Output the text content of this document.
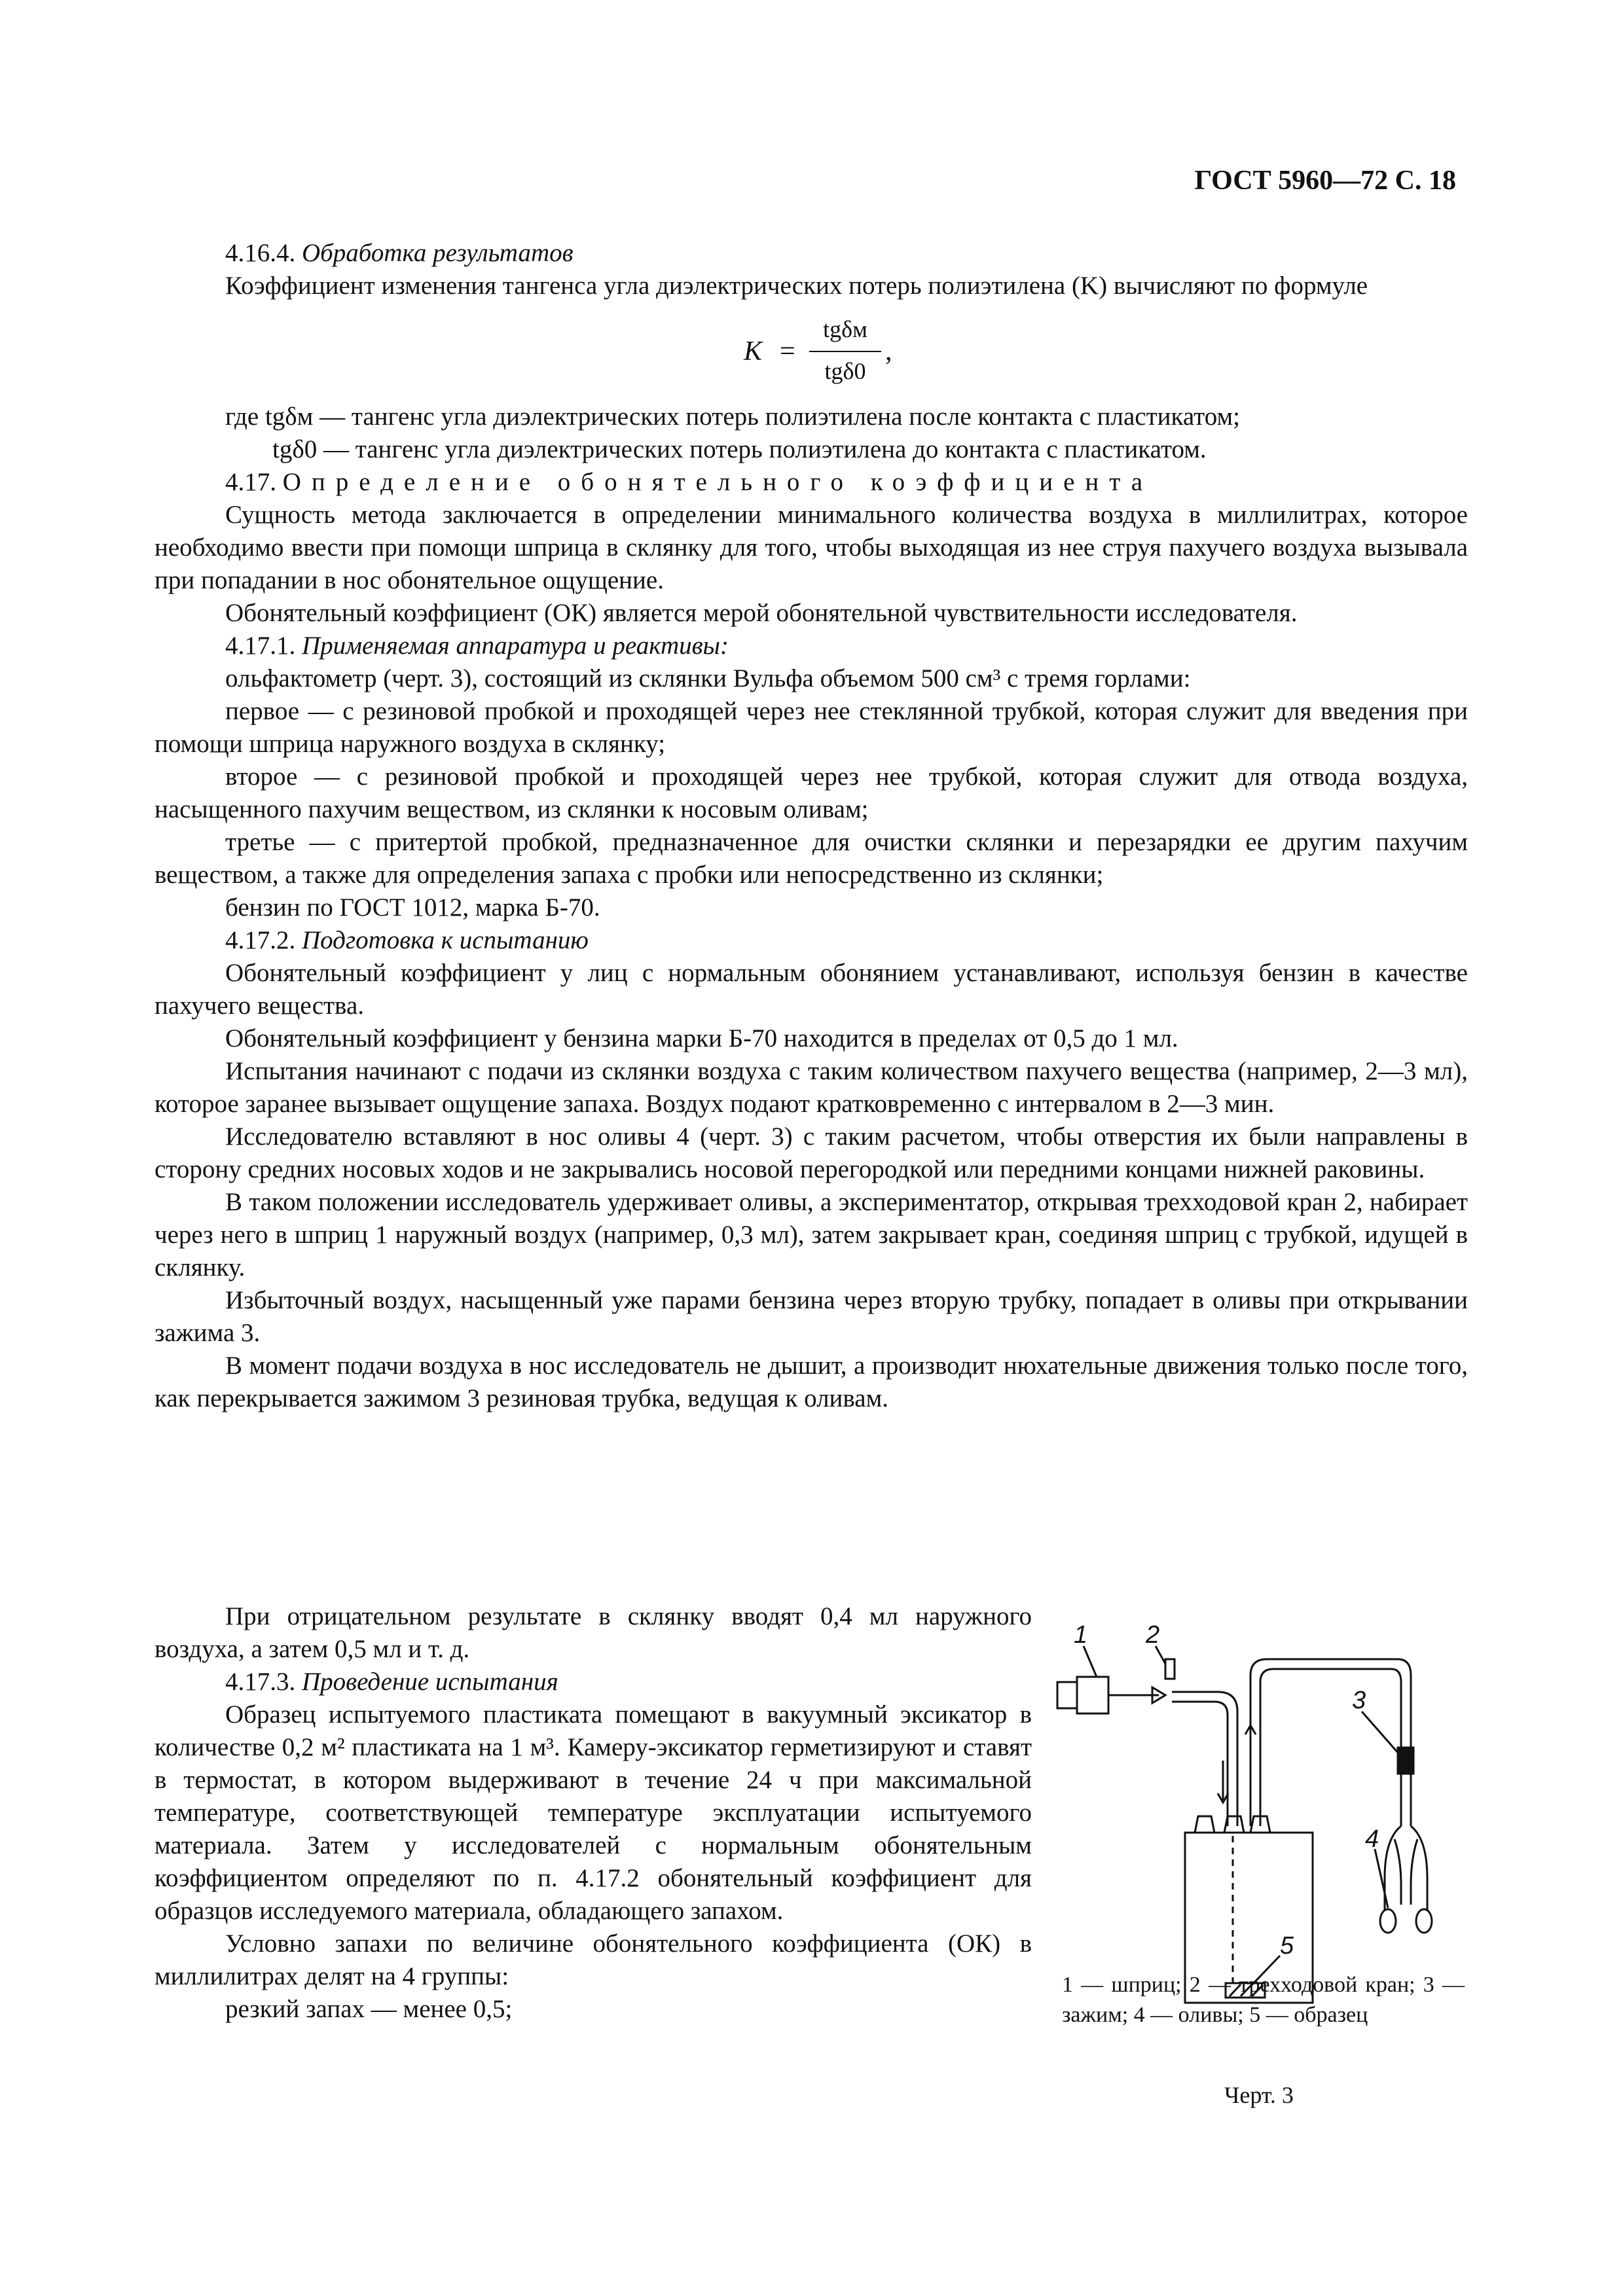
ГОСТ 5960—72 С. 18

4.16.4. Обработка результатов

Коэффициент изменения тангенса угла диэлектрических потерь полиэтилена (K) вычисляют по формуле

K =
tgδм
tgδ0
,

где tgδм — тангенс угла диэлектрических потерь полиэтилена после контакта с пластикатом;

tgδ0 — тангенс угла диэлектрических потерь полиэтилена до контакта с пластикатом.

4.17. Определение обонятельного коэффициента

Сущность метода заключается в определении минимального количества воздуха в миллилитрах, которое необходимо ввести при помощи шприца в склянку для того, чтобы выходящая из нее струя пахучего воздуха вызывала при попадании в нос обонятельное ощущение.

Обонятельный коэффициент (ОК) является мерой обонятельной чувствительности исследователя.

4.17.1. Применяемая аппаратура и реактивы:

ольфактометр (черт. 3), состоящий из склянки Вульфа объемом 500 см³ с тремя горлами:

первое — с резиновой пробкой и проходящей через нее стеклянной трубкой, которая служит для введения при помощи шприца наружного воздуха в склянку;

второе — с резиновой пробкой и проходящей через нее трубкой, которая служит для отвода воздуха, насыщенного пахучим веществом, из склянки к носовым оливам;

третье — с притертой пробкой, предназначенное для очистки склянки и перезарядки ее другим пахучим веществом, а также для определения запаха с пробки или непосредственно из склянки;

бензин по ГОСТ 1012, марка Б-70.

4.17.2. Подготовка к испытанию

Обонятельный коэффициент у лиц с нормальным обонянием устанавливают, используя бензин в качестве пахучего вещества.

Обонятельный коэффициент у бензина марки Б-70 находится в пределах от 0,5 до 1 мл.

Испытания начинают с подачи из склянки воздуха с таким количеством пахучего вещества (например, 2—3 мл), которое заранее вызывает ощущение запаха. Воздух подают кратковременно с интервалом в 2—3 мин.

Исследователю вставляют в нос оливы 4 (черт. 3) с таким расчетом, чтобы отверстия их были направлены в сторону средних носовых ходов и не закрывались носовой перегородкой или передними концами нижней раковины.

В таком положении исследователь удерживает оливы, а экспериментатор, открывая трехходовой кран 2, набирает через него в шприц 1 наружный воздух (например, 0,3 мл), затем закрывает кран, соединяя шприц с трубкой, идущей в склянку.

Избыточный воздух, насыщенный уже парами бензина через вторую трубку, попадает в оливы при открывании зажима 3.

В момент подачи воздуха в нос исследователь не дышит, а производит нюхательные движения только после того, как перекрывается зажимом 3 резиновая трубка, ведущая к оливам.

При отрицательном результате в склянку вводят 0,4 мл наружного воздуха, а затем 0,5 мл и т. д.

4.17.3. Проведение испытания

Образец испытуемого пластиката помещают в вакуумный эксикатор в количестве 0,2 м² пластиката на 1 м³. Камеру-эксикатор герметизируют и ставят в термостат, в котором выдерживают в течение 24 ч при максимальной температуре, соответствующей температуре эксплуатации испытуемого материала. Затем у исследователей с нормальным обонятельным коэффициентом определяют по п. 4.17.2 обонятельный коэффициент для образцов исследуемого материала, обладающего запахом.

Условно запахи по величине обонятельного коэффициента (ОК) в миллилитрах делят на 4 группы:

резкий запах — менее 0,5;

1 2
3
4
5
1 — шприц; 2 — трехходовой кран; 3 — зажим; 4 — оливы; 5 — образец
Черт. 3
